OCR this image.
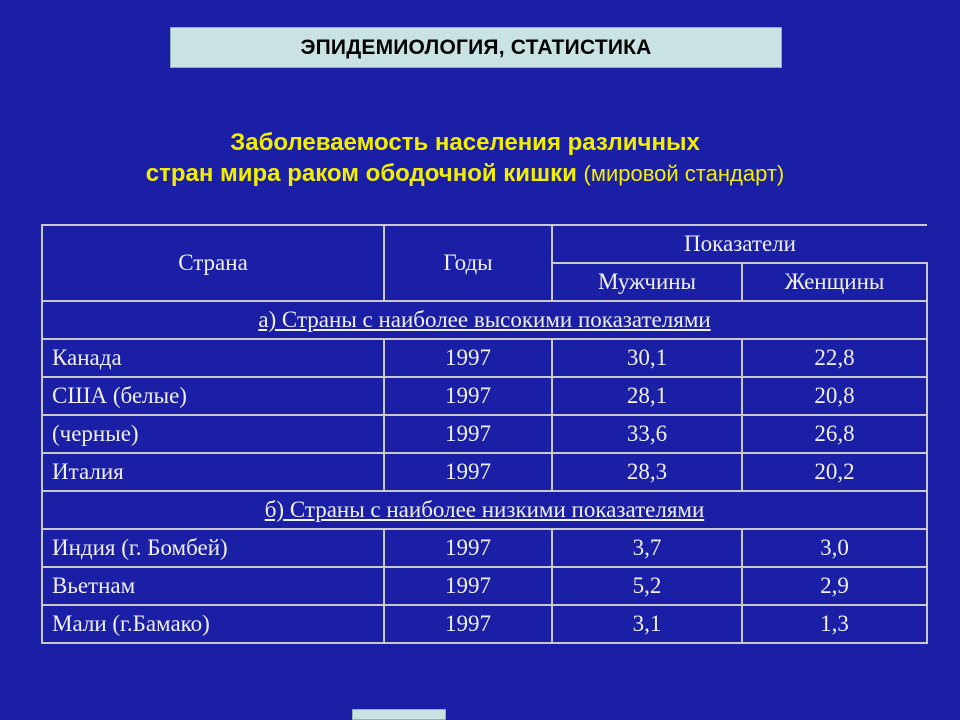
ЭПИДЕМИОЛОГИЯ, СТАТИСТИКА
Заболеваемость населения различных
стран мира раком ободочной кишки (мировой стандарт)
Страна	Годы	Показатели	
		Мужчины	Женщины
а) Страны с наиболее высокими показателями			
Канада	1997	30,1	22,8
США (белые)	1997	28,1	20,8
(черные)	1997	33,6	26,8
Италия	1997	28,3	20,2
б) Страны с наиболее низкими показателями			
Индия (г. Бомбей)	1997	3,7	3,0
Вьетнам	1997	5,2	2,9
Мали (г.Бамако)	1997	3,1	1,3
